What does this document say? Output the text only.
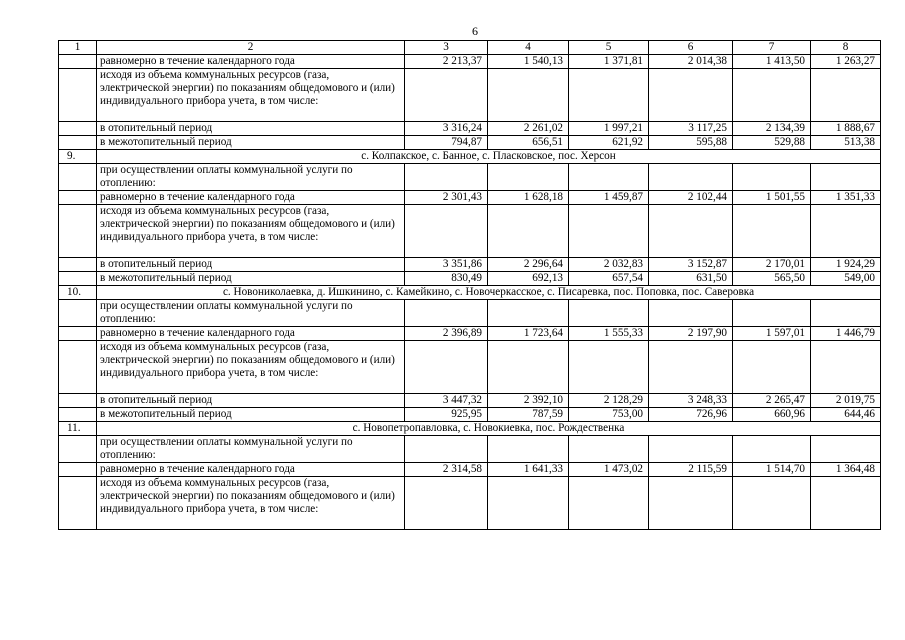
6
1	2	3	4	5	6	7	8
	равномерно в течение календарного года	2 213,37	1 540,13	1 371,81	2 014,38	1 413,50	1 263,27
	исходя из объема коммунальных ресурсов (газа, электрической энергии) по показаниям общедомового и (или) индивидуального прибора учета, в том числе:						
	в отопительный период	3 316,24	2 261,02	1 997,21	3 117,25	2 134,39	1 888,67
	в межотопительный период	794,87	656,51	621,92	595,88	529,88	513,38
9.	с. Колпакское, с. Банное, с. Пласковское, пос. Херсон						
	при осуществлении оплаты коммунальной услуги по отоплению:						
	равномерно в течение календарного года	2 301,43	1 628,18	1 459,87	2 102,44	1 501,55	1 351,33
	исходя из объема коммунальных ресурсов (газа, электрической энергии) по показаниям общедомового и (или) индивидуального прибора учета, в том числе:						
	в отопительный период	3 351,86	2 296,64	2 032,83	3 152,87	2 170,01	1 924,29
	в межотопительный период	830,49	692,13	657,54	631,50	565,50	549,00
10.	с. Новониколаевка, д. Ишкинино, с. Камейкино, с. Новочеркасское, с. Писаревка, пос. Поповка, пос. Саверовка						
	при осуществлении оплаты коммунальной услуги по отоплению:						
	равномерно в течение календарного года	2 396,89	1 723,64	1 555,33	2 197,90	1 597,01	1 446,79
	исходя из объема коммунальных ресурсов (газа, электрической энергии) по показаниям общедомового и (или) индивидуального прибора учета, в том числе:						
	в отопительный период	3 447,32	2 392,10	2 128,29	3 248,33	2 265,47	2 019,75
	в межотопительный период	925,95	787,59	753,00	726,96	660,96	644,46
11.	с. Новопетропавловка, с. Новокиевка, пос. Рождественка						
	при осуществлении оплаты коммунальной услуги по отоплению:						
	равномерно в течение календарного года	2 314,58	1 641,33	1 473,02	2 115,59	1 514,70	1 364,48
	исходя из объема коммунальных ресурсов (газа, электрической энергии) по показаниям общедомового и (или) индивидуального прибора учета, в том числе:						
